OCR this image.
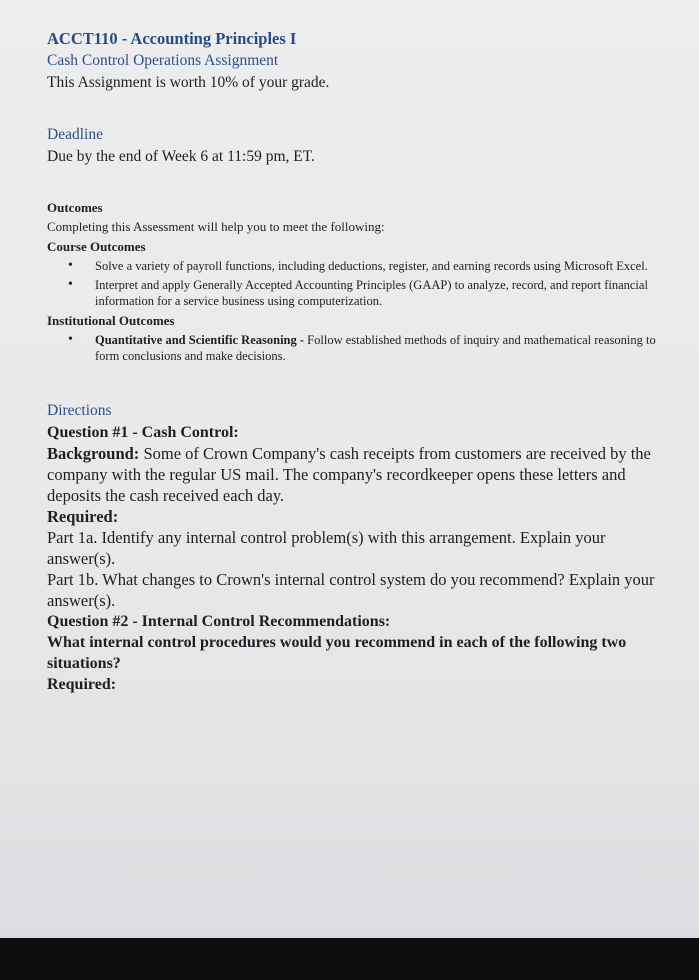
ACCT110 - Accounting Principles I

Cash Control Operations Assignment

This Assignment is worth 10% of your grade.

Deadline

Due by the end of Week 6 at 11:59 pm, ET.

Outcomes

Completing this Assessment will help you to meet the following:

Course Outcomes

• Solve a variety of payroll functions, including deductions, register, and earning records using Microsoft Excel.
• Interpret and apply Generally Accepted Accounting Principles (GAAP) to analyze, record, and report financial information for a service business using computerization.

Institutional Outcomes

• Quantitative and Scientific Reasoning - Follow established methods of inquiry and mathematical reasoning to form conclusions and make decisions.

Directions

Question #1 - Cash Control:

Background: Some of Crown Company's cash receipts from customers are received by the company with the regular US mail. The company's recordkeeper opens these letters and deposits the cash received each day.

Required:

Part 1a. Identify any internal control problem(s) with this arrangement. Explain your answer(s).

Part 1b. What changes to Crown's internal control system do you recommend? Explain your answer(s).

Question #2 - Internal Control Recommendations:

What internal control procedures would you recommend in each of the following two situations?

Required:
